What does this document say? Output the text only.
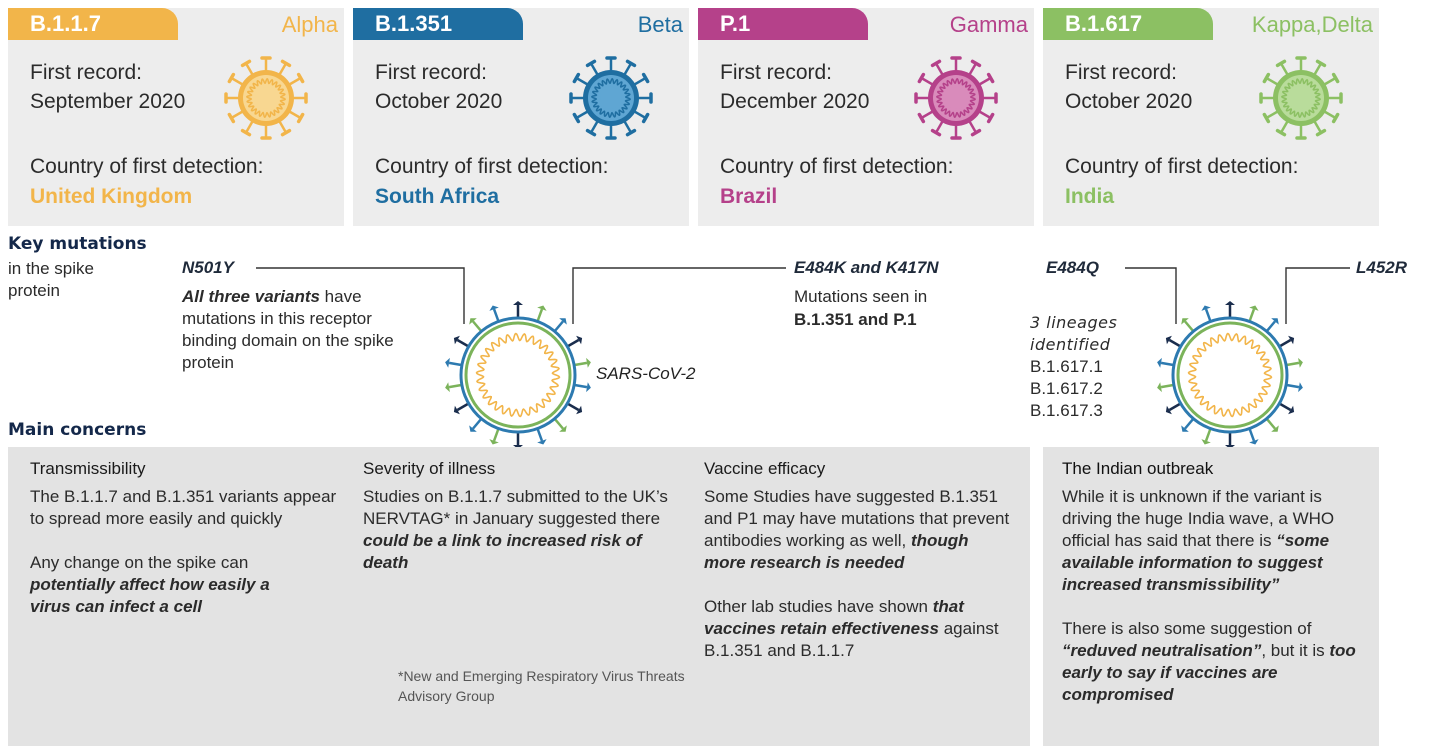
B.1.1.7	Alpha
First record:
September 2020
Country of first detection:
United Kingdom
B.1.351	Beta
First record:
October 2020
Country of first detection:
South Africa
P.1	Gamma
First record:
December 2020
Country of first detection:
Brazil
B.1.617	Kappa,Delta
First record:
October 2020
Country of first detection:
India
Key mutations
in the spike protein
N501Y
All three variants have mutations in this receptor binding domain on the spike protein
E484K and K417N
Mutations seen in
B.1.351 and P.1
SARS-CoV-2
E484Q	L452R
3 lineages
identified
B.1.617.1
B.1.617.2
B.1.617.3
Main concerns
Transmissibility

The B.1.1.7 and B.1.351 variants appear to spread more easily and quickly

Any change on the spike can potentially affect how easily a virus can infect a cell

Severity of illness

Studies on B.1.1.7 submitted to the UK’s NERVTAG* in January suggested there could be a link to increased risk of death

*New and Emerging Respiratory Virus Threats Advisory Group
Vaccine efficacy

Some Studies have suggested B.1.351 and P1 may have mutations that prevent antibodies working as well, though more research is needed

Other lab studies have shown that vaccines retain effectiveness against B.1.351 and B.1.1.7

The Indian outbreak

While it is unknown if the variant is driving the huge India wave, a WHO official has said that there is “some available information to suggest increased transmissibility”

There is also some suggestion of “reduved neutralisation”, but it is too early to say if vaccines are compromised
